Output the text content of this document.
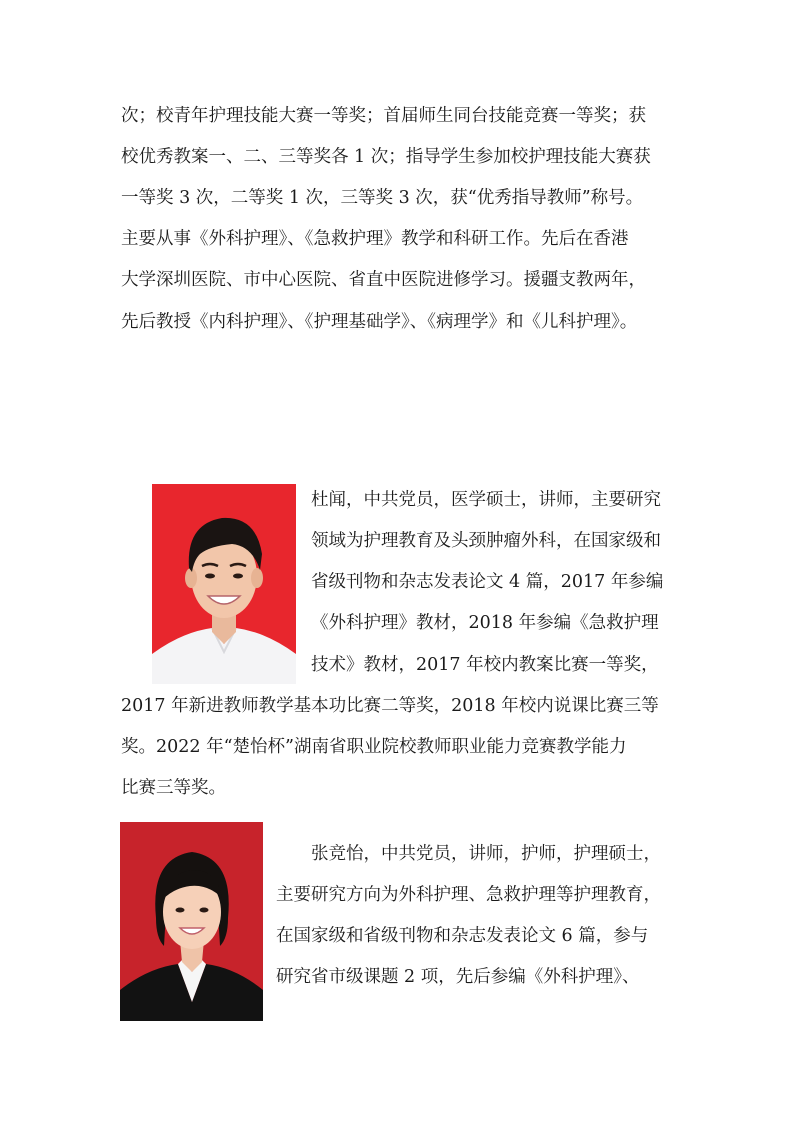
次；校青年护理技能大赛一等奖；首届师生同台技能竞赛一等奖；获

校优秀教案一、二、三等奖各 1 次；指导学生参加校护理技能大赛获

一等奖 3 次，二等奖 1 次，三等奖 3 次，获“优秀指导教师”称号。

主要从事《外科护理》、《急救护理》教学和科研工作。先后在香港

大学深圳医院、市中心医院、省直中医院进修学习。援疆支教两年，

先后教授《内科护理》、《护理基础学》、《病理学》和《儿科护理》。

杜闻，中共党员，医学硕士，讲师，主要研究

领域为护理教育及头颈肿瘤外科，在国家级和

省级刊物和杂志发表论文 4 篇，2017 年参编

《外科护理》教材，2018 年参编《急救护理

技术》教材，2017 年校内教案比赛一等奖，

2017 年新进教师教学基本功比赛二等奖，2018 年校内说课比赛三等

奖。2022 年“楚怡杯”湖南省职业院校教师职业能力竞赛教学能力

比赛三等奖。

张竞怡，中共党员，讲师，护师，护理硕士，

主要研究方向为外科护理、急救护理等护理教育，

在国家级和省级刊物和杂志发表论文 6 篇，参与

研究省市级课题 2 项，先后参编《外科护理》、
